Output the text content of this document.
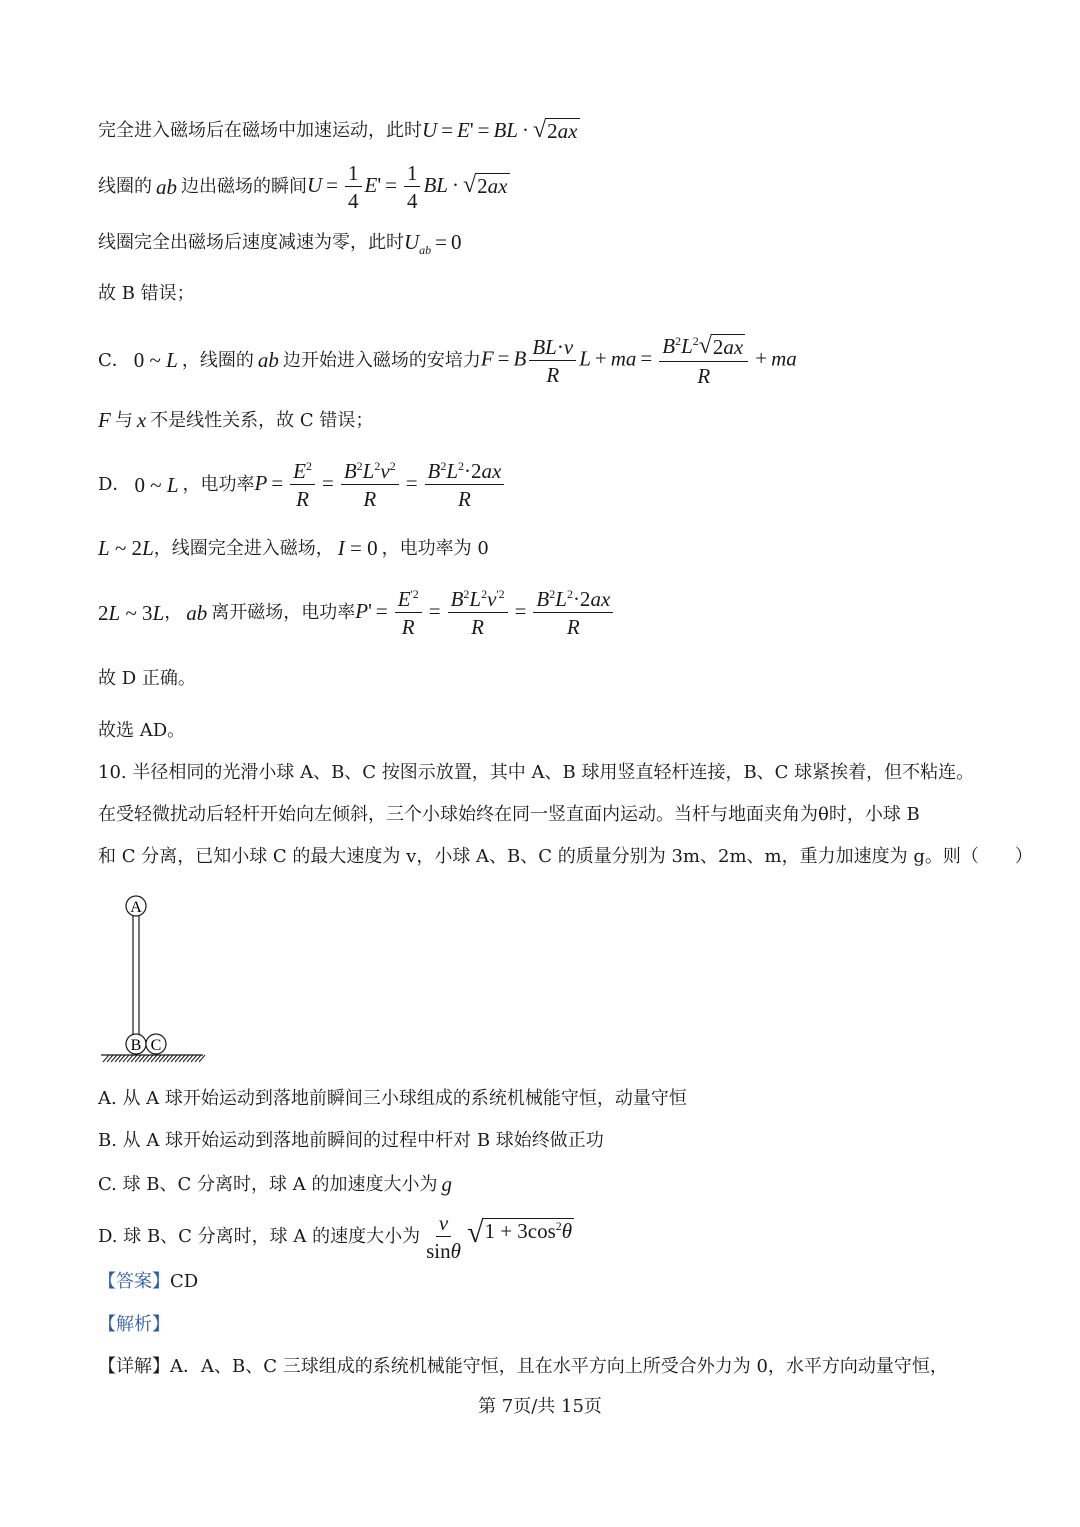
完全进入磁场后在磁场中加速运动，此时 U = E' = BL · √ 2ax
线圈的 ab 边出磁场的瞬间 $U = \frac{1}{4} E' = \frac{1}{4}$ BL · √ 2ax
线圈完全出磁场后速度减速为零，此时 $U_{ab} = 0$
故 B 错误；
C． 0 ~ L ，线圈的 ab 边开始进入磁场的安培力 F = B $\frac{BL\cdot v}{R}$ L + ma = $\frac{B^2L^2 √ 2ax}{R}$ + ma
F 与 x 不是线性关系，故 C 错误；
D． 0 ~ L ，电功率 $P = \frac{E^2}{R} = \frac{B^2L^2v^2}{R} = \frac{B^2L^2\cdot 2ax}{R}$
L ~ 2L ，线圈完全进入磁场， I = 0 ，电功率为 0
2L ~ 3L ， ab 离开磁场，电功率 $P' = \frac{E^{'2}}{R} = \frac{B^2L^2v^{'2}}{R} = \frac{B^2L^2\cdot 2ax}{R}$
故 D 正确。
故选 AD。
10. 半径相同的光滑小球 A、B、C 按图示放置，其中 A、B 球用竖直轻杆连接，B、C 球紧挨着，但不粘连。
在受轻微扰动后轻杆开始向左倾斜，三个小球始终在同一竖直面内运动。当杆与地面夹角为θ时，小球 B
和 C 分离，已知小球 C 的最大速度为 v，小球 A、B、C 的质量分别为 3m、2m、m，重力加速度为 g。则（　　）
A
B C
A. 从 A 球开始运动到落地前瞬间三小球组成的系统机械能守恒，动量守恒
B. 从 A 球开始运动到落地前瞬间的过程中杆对 B 球始终做正功
C. 球 B、C 分离时，球 A 的加速度大小为 g
D. 球 B、C 分离时，球 A 的速度大小为 $\frac{v}{\sin\theta}$ √ $1 + 3\cos^2\theta$
【答案】 CD
【解析】
【详解】 A．A、B、C 三球组成的系统机械能守恒，且在水平方向上所受合外力为 0，水平方向动量守恒，
第 7页/共 15页
